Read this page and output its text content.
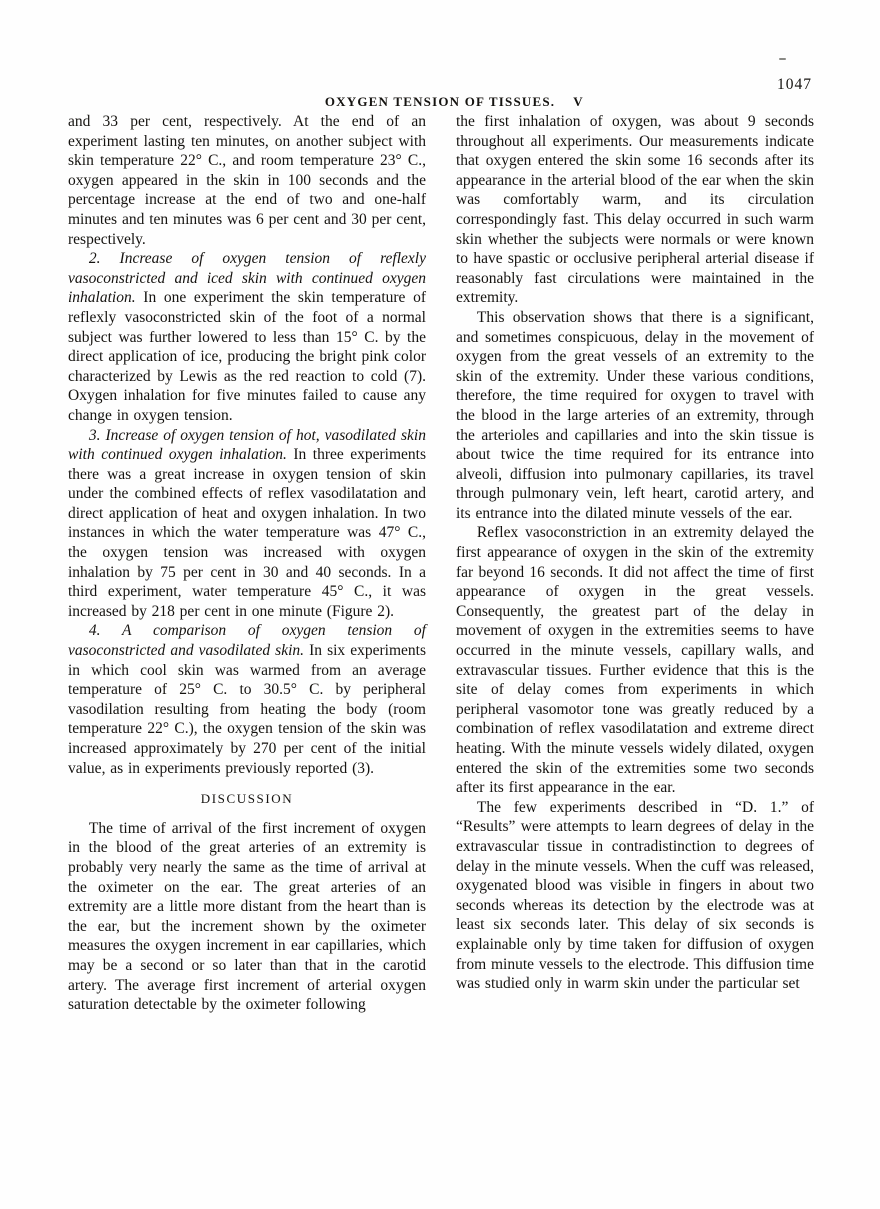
OXYGEN TENSION OF TISSUES. V

1047

and 33 per cent, respectively. At the end of an experiment lasting ten minutes, on another subject with skin temperature 22° C., and room temperature 23° C., oxygen appeared in the skin in 100 seconds and the percentage increase at the end of two and one-half minutes and ten minutes was 6 per cent and 30 per cent, respectively.

2. Increase of oxygen tension of reflexly vasoconstricted and iced skin with continued oxygen inhalation. In one experiment the skin temperature of reflexly vasoconstricted skin of the foot of a normal subject was further lowered to less than 15° C. by the direct application of ice, producing the bright pink color characterized by Lewis as the red reaction to cold (7). Oxygen inhalation for five minutes failed to cause any change in oxygen tension.

3. Increase of oxygen tension of hot, vasodilated skin with continued oxygen inhalation. In three experiments there was a great increase in oxygen tension of skin under the combined effects of reflex vasodilatation and direct application of heat and oxygen inhalation. In two instances in which the water temperature was 47° C., the oxygen tension was increased with oxygen inhalation by 75 per cent in 30 and 40 seconds. In a third experiment, water temperature 45° C., it was increased by 218 per cent in one minute (Figure 2).

4. A comparison of oxygen tension of vasoconstricted and vasodilated skin. In six experiments in which cool skin was warmed from an average temperature of 25° C. to 30.5° C. by peripheral vasodilation resulting from heating the body (room temperature 22° C.), the oxygen tension of the skin was increased approximately by 270 per cent of the initial value, as in experiments previously reported (3).

DISCUSSION

The time of arrival of the first increment of oxygen in the blood of the great arteries of an extremity is probably very nearly the same as the time of arrival at the oximeter on the ear. The great arteries of an extremity are a little more distant from the heart than is the ear, but the increment shown by the oximeter measures the oxygen increment in ear capillaries, which may be a second or so later than that in the carotid artery. The average first increment of arterial oxygen saturation detectable by the oximeter following

the first inhalation of oxygen, was about 9 seconds throughout all experiments. Our measurements indicate that oxygen entered the skin some 16 seconds after its appearance in the arterial blood of the ear when the skin was comfortably warm, and its circulation correspondingly fast. This delay occurred in such warm skin whether the subjects were normals or were known to have spastic or occlusive peripheral arterial disease if reasonably fast circulations were maintained in the extremity.

This observation shows that there is a significant, and sometimes conspicuous, delay in the movement of oxygen from the great vessels of an extremity to the skin of the extremity. Under these various conditions, therefore, the time required for oxygen to travel with the blood in the large arteries of an extremity, through the arterioles and capillaries and into the skin tissue is about twice the time required for its entrance into alveoli, diffusion into pulmonary capillaries, its travel through pulmonary vein, left heart, carotid artery, and its entrance into the dilated minute vessels of the ear.

Reflex vasoconstriction in an extremity delayed the first appearance of oxygen in the skin of the extremity far beyond 16 seconds. It did not affect the time of first appearance of oxygen in the great vessels. Consequently, the greatest part of the delay in movement of oxygen in the extremities seems to have occurred in the minute vessels, capillary walls, and extravascular tissues. Further evidence that this is the site of delay comes from experiments in which peripheral vasomotor tone was greatly reduced by a combination of reflex vasodilatation and extreme direct heating. With the minute vessels widely dilated, oxygen entered the skin of the extremities some two seconds after its first appearance in the ear.

The few experiments described in “D. 1.” of “Results” were attempts to learn degrees of delay in the extravascular tissue in contradistinction to degrees of delay in the minute vessels. When the cuff was released, oxygenated blood was visible in fingers in about two seconds whereas its detection by the electrode was at least six seconds later. This delay of six seconds is explainable only by time taken for diffusion of oxygen from minute vessels to the electrode. This diffusion time was studied only in warm skin under the particular set
